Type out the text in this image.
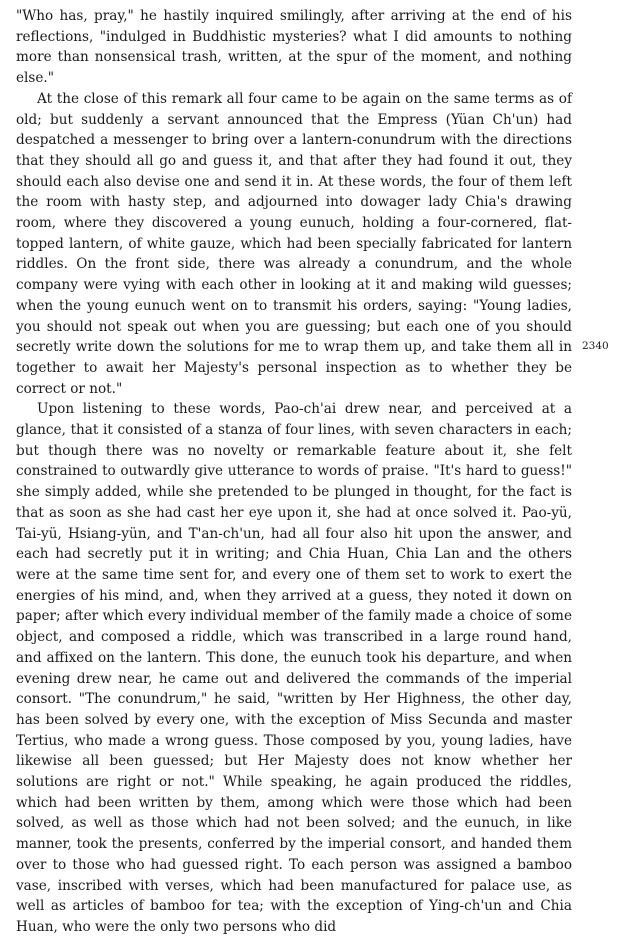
"Who has, pray," he hastily inquired smilingly, after arriving at the end of his reflections, "indulged in Buddhistic mysteries? what I did amounts to nothing more than nonsensical trash, written, at the spur of the moment, and nothing else."

At the close of this remark all four came to be again on the same terms as of old; but suddenly a servant announced that the Empress (Yüan Ch'un) had despatched a messenger to bring over a lantern-conundrum with the directions that they should all go and guess it, and that after they had found it out, they should each also devise one and send it in. At these words, the four of them left the room with hasty step, and adjourned into dowager lady Chia's drawing room, where they discovered a young eunuch, holding a four-cornered, flat-topped lantern, of white gauze, which had been specially fabricated for lantern riddles. On the front side, there was already a conundrum, and the whole company were vying with each other in looking at it and making wild guesses; when the young eunuch went on to transmit his orders, saying: "Young ladies, you should not speak out when you are guessing; but each one of you should secretly write down the solutions for me to wrap them up, and take them all in together to await her Majesty's personal inspection as to whether they be correct or not."

Upon listening to these words, Pao-ch'ai drew near, and perceived at a glance, that it consisted of a stanza of four lines, with seven characters in each; but though there was no novelty or remarkable feature about it, she felt constrained to outwardly give utterance to words of praise. "It's hard to guess!" she simply added, while she pretended to be plunged in thought, for the fact is that as soon as she had cast her eye upon it, she had at once solved it. Pao-yü, Tai-yü, Hsiang-yün, and T'an-ch'un, had all four also hit upon the answer, and each had secretly put it in writing; and Chia Huan, Chia Lan and the others were at the same time sent for, and every one of them set to work to exert the energies of his mind, and, when they arrived at a guess, they noted it down on paper; after which every individual member of the family made a choice of some object, and composed a riddle, which was transcribed in a large round hand, and affixed on the lantern. This done, the eunuch took his departure, and when evening drew near, he came out and delivered the commands of the imperial consort. "The conundrum," he said, "written by Her Highness, the other day, has been solved by every one, with the exception of Miss Secunda and master Tertius, who made a wrong guess. Those composed by you, young ladies, have likewise all been guessed; but Her Majesty does not know whether her solutions are right or not." While speaking, he again produced the riddles, which had been written by them, among which were those which had been solved, as well as those which had not been solved; and the eunuch, in like manner, took the presents, conferred by the imperial consort, and handed them over to those who had guessed right. To each person was assigned a bamboo vase, inscribed with verses, which had been manufactured for palace use, as well as articles of bamboo for tea; with the exception of Ying-ch'un and Chia Huan, who were the only two persons who did

2340
